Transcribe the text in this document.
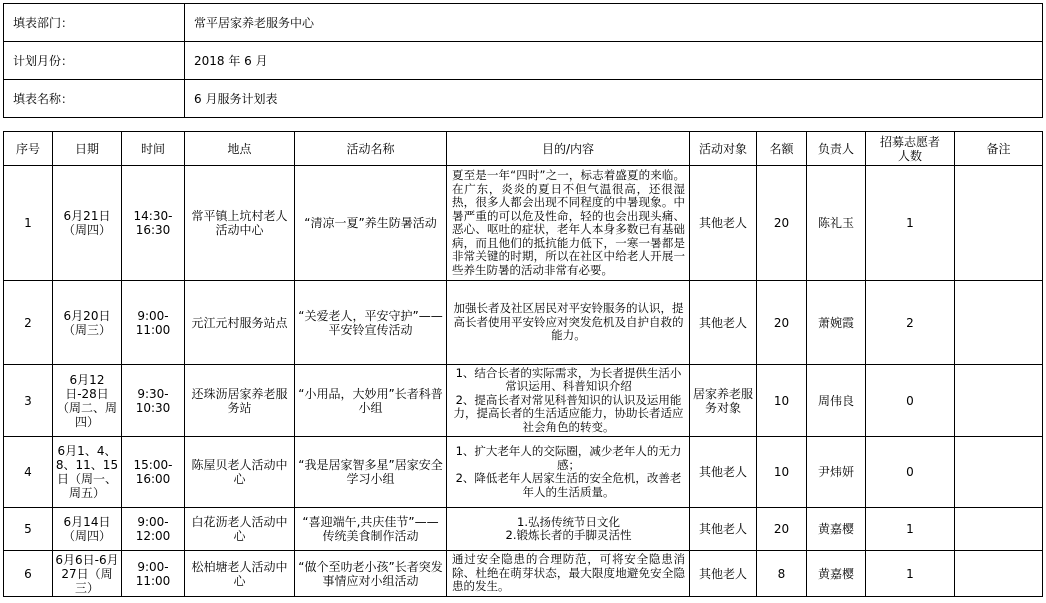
填表部门：	常平居家养老服务中心
计划月份：	2018 年 6 月
填表名称：	6 月服务计划表
序号	日期	时间	地点	活动名称	目的/内容	活动对象	名额	负责人	招募志愿者人数	备注
1	6月21日（周四）	14:30-16:30	常平镇上坑村老人活动中心	“清凉一夏”养生防暑活动	夏至是一年“四时”之一，标志着盛夏的来临。在广东，炎炎的夏日不但气温很高，还很湿热，很多人都会出现不同程度的中暑现象。中暑严重的可以危及性命，轻的也会出现头痛、恶心、呕吐的症状，老年人本身多数已有基础病，而且他们的抵抗能力低下，一寒一暑都是非常关键的时期，所以在社区中给老人开展一些养生防暑的活动非常有必要。	其他老人	20	陈礼玉	1	
2	6月20日（周三）	9:00-11:00	元江元村服务站点	“关爱老人，平安守护”——平安铃宣传活动	加强长者及社区居民对平安铃服务的认识，提高长者使用平安铃应对突发危机及自护自救的能力。	其他老人	20	萧婉霞	2	
3	6月12日-28日（周二、周四）	9:30-10:30	还珠沥居家养老服务站	“小用品，大妙用”长者科普小组	1、结合长者的实际需求，为长者提供生活小常识运用、科普知识介绍
2、提高长者对常见科普知识的认识及运用能力，提高长者的生活适应能力，协助长者适应社会角色的转变。	居家养老服务对象	10	周伟良	0	
4	6月1、4、8、11、15日（周一、周五）	15:00-16:00	陈屋贝老人活动中心	“我是居家智多星”居家安全学习小组	1、扩大老年人的交际圈，减少老年人的无力感；
2、降低老年人居家生活的安全危机，改善老年人的生活质量。	其他老人	10	尹炜妍	0	
5	6月14日（周四）	9:00-12:00	白花沥老人活动中心	“喜迎端午,共庆佳节”——传统美食制作活动	1.弘扬传统节日文化
2.锻炼长者的手脚灵活性	其他老人	20	黄嘉樱	1	
6	6月6日-6月27日（周三）	9:00-11:00	松柏塘老人活动中心	“做个至叻老小孩”长者突发事情应对小组活动	通过安全隐患的合理防范，可将安全隐患消除、杜绝在萌芽状态，最大限度地避免安全隐患的发生。	其他老人	8	黄嘉樱	1	
